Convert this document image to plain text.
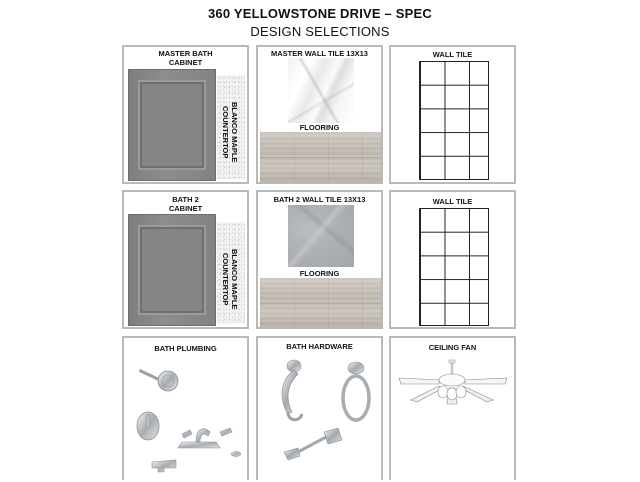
360 YELLOWSTONE DRIVE – SPEC
DESIGN SELECTIONS
MASTER BATH
CABINET
BLANCO MAPLE
COUNTERTOP
MASTER WALL TILE 13X13
FLOORING
WALL TILE
BATH 2
CABINET
BLANCO MAPLE
COUNTERTOP
BATH 2 WALL TILE 13X13
FLOORING
WALL TILE
BATH PLUMBING	BATH HARDWARE	CEILING FAN
